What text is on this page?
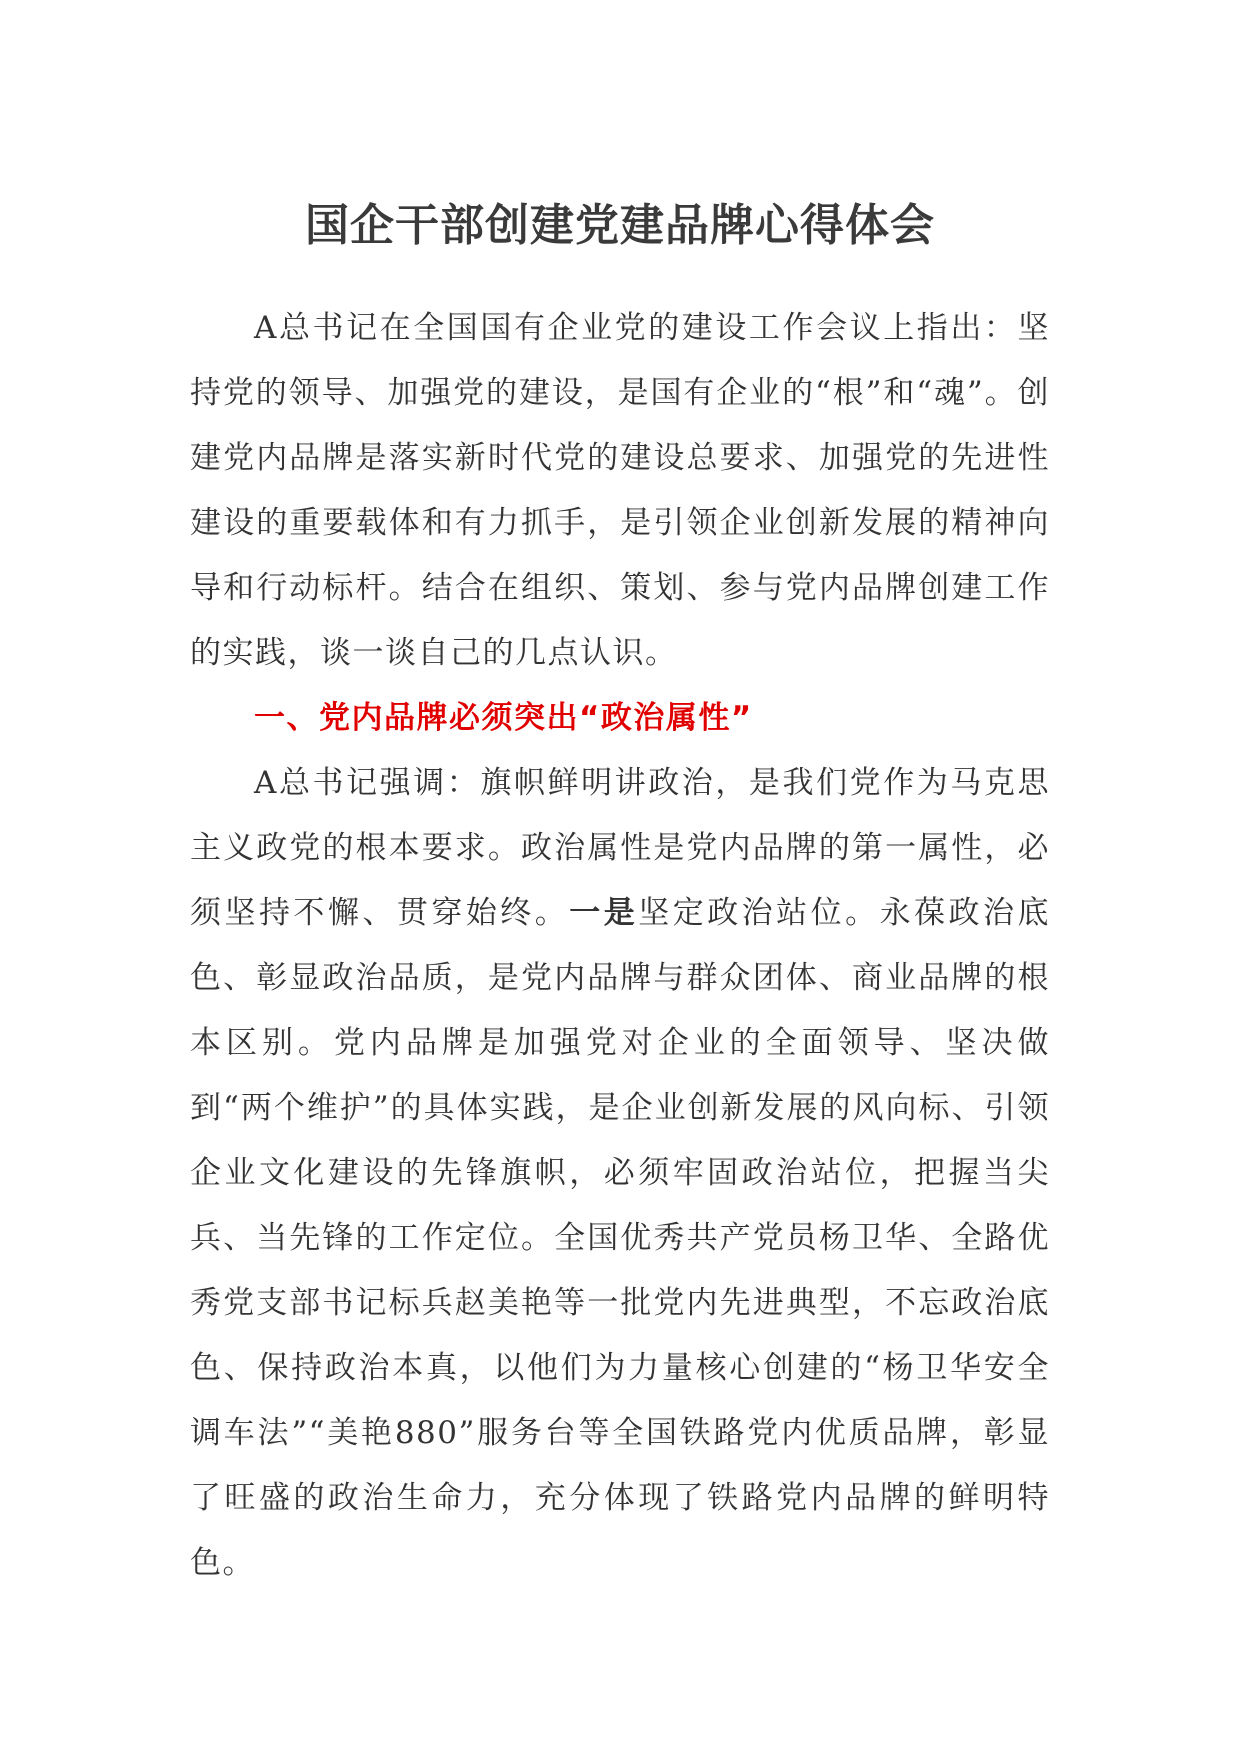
国企干部创建党建品牌心得体会

A总书记在全国国有企业党的建设工作会议上指出：坚持党的领导、加强党的建设，是国有企业的“根”和“魂”。创建党内品牌是落实新时代党的建设总要求、加强党的先进性建设的重要载体和有力抓手，是引领企业创新发展的精神向导和行动标杆。结合在组织、策划、参与党内品牌创建工作的实践，谈一谈自己的几点认识。

一、党内品牌必须突出“政治属性”

A总书记强调：旗帜鲜明讲政治，是我们党作为马克思主义政党的根本要求。政治属性是党内品牌的第一属性，必须坚持不懈、贯穿始终。一是坚定政治站位。永葆政治底色、彰显政治品质，是党内品牌与群众团体、商业品牌的根本区别。党内品牌是加强党对企业的全面领导、坚决做到“两个维护”的具体实践，是企业创新发展的风向标、引领企业文化建设的先锋旗帜，必须牢固政治站位，把握当尖兵、当先锋的工作定位。全国优秀共产党员杨卫华、全路优秀党支部书记标兵赵美艳等一批党内先进典型，不忘政治底色、保持政治本真，以他们为力量核心创建的“杨卫华安全调车法”“美艳880”服务台等全国铁路党内优质品牌，彰显了旺盛的政治生命力，充分体现了铁路党内品牌的鲜明特色。
